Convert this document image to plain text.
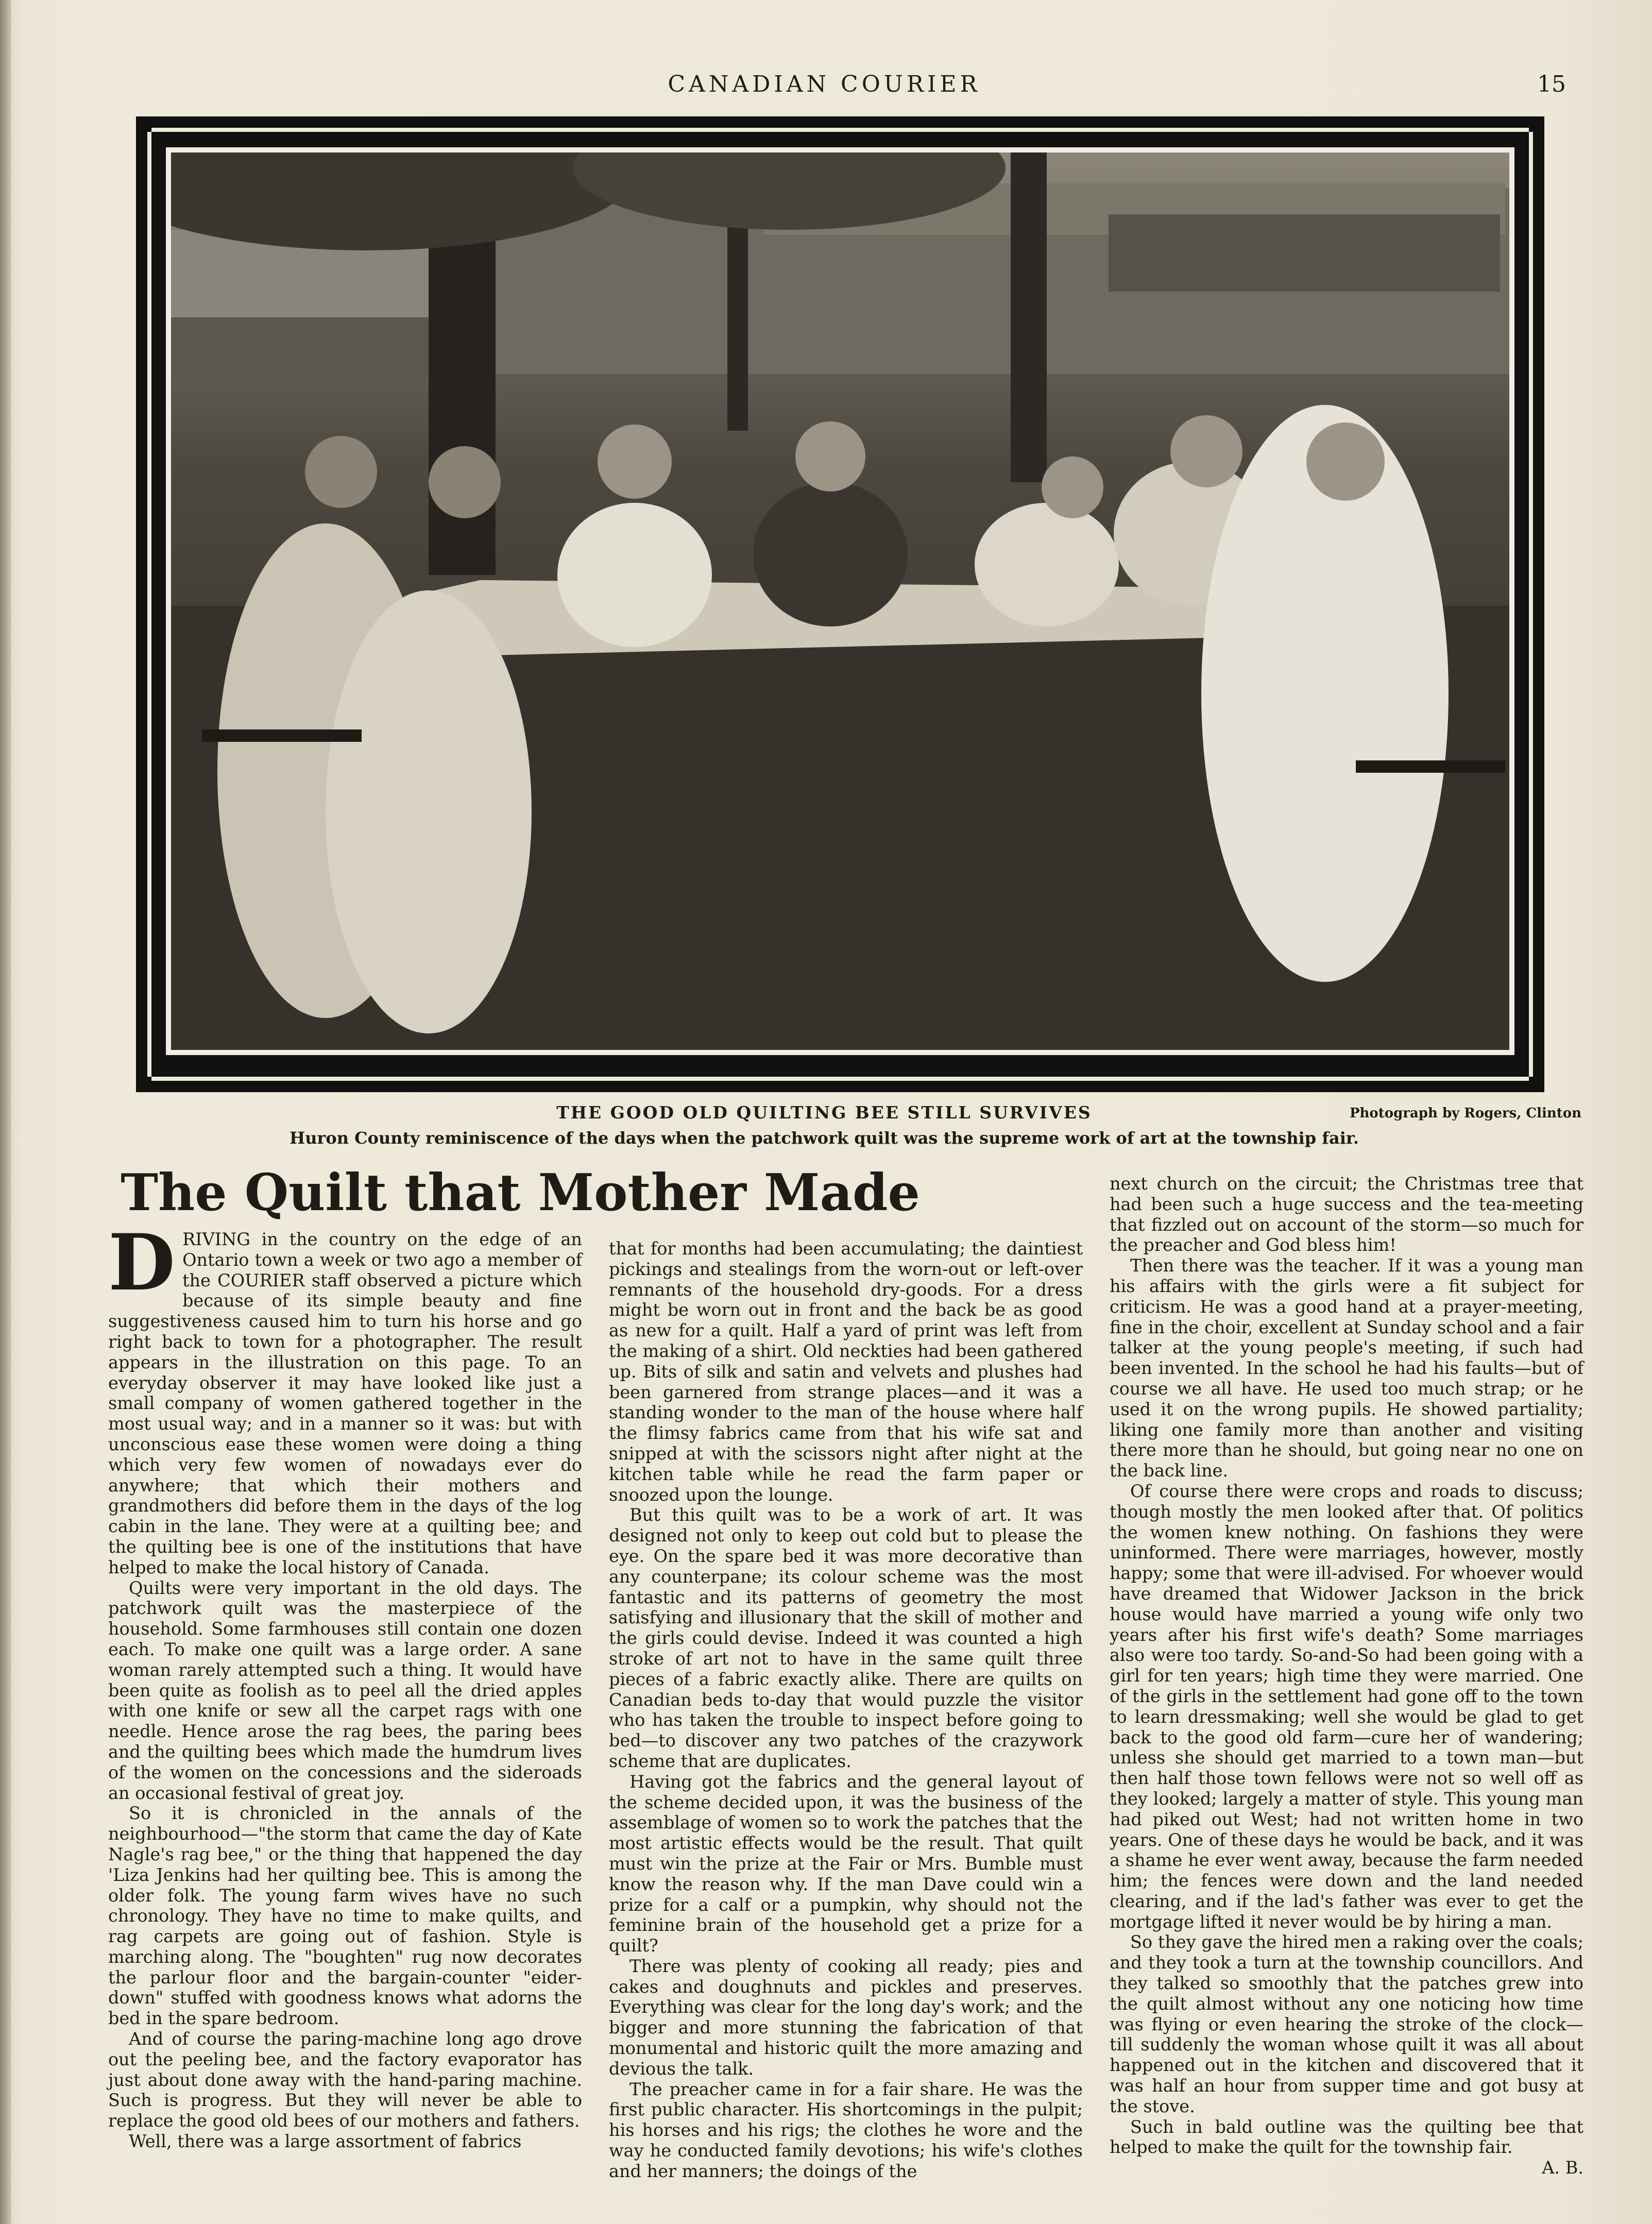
CANADIAN COURIER	15
THE GOOD OLD QUILTING BEE STILL SURVIVES	Photograph by Rogers, Clinton
Huron County reminiscence of the days when the patchwork quilt was the supreme work of art at the township fair.
The Quilt that Mother Made
D RIVING in the country on the edge of an Ontario town a week or two ago a member of the COURIER staff observed a picture which because of its simple beauty and fine suggestiveness caused him to turn his horse and go right back to town for a photographer. The result appears in the illustration on this page. To an everyday observer it may have looked like just a small company of women gathered together in the most usual way; and in a manner so it was: but with unconscious ease these women were doing a thing which very few women of nowadays ever do anywhere; that which their mothers and grandmothers did before them in the days of the log cabin in the lane. They were at a quilting bee; and the quilting bee is one of the institutions that have helped to make the local history of Canada.

Quilts were very important in the old days. The patchwork quilt was the masterpiece of the household. Some farmhouses still contain one dozen each. To make one quilt was a large order. A sane woman rarely attempted such a thing. It would have been quite as foolish as to peel all the dried apples with one knife or sew all the carpet rags with one needle. Hence arose the rag bees, the paring bees and the quilting bees which made the humdrum lives of the women on the concessions and the sideroads an occasional festival of great joy.

So it is chronicled in the annals of the neighbourhood—"the storm that came the day of Kate Nagle's rag bee," or the thing that happened the day 'Liza Jenkins had her quilting bee. This is among the older folk. The young farm wives have no such chronology. They have no time to make quilts, and rag carpets are going out of fashion. Style is marching along. The "boughten" rug now decorates the parlour floor and the bargain-counter "eider-down" stuffed with goodness knows what adorns the bed in the spare bedroom.

And of course the paring-machine long ago drove out the peeling bee, and the factory evaporator has just about done away with the hand-paring machine. Such is progress. But they will never be able to replace the good old bees of our mothers and fathers.

Well, there was a large assortment of fabrics

that for months had been accumulating; the daintiest pickings and stealings from the worn-out or left-over remnants of the household dry-goods. For a dress might be worn out in front and the back be as good as new for a quilt. Half a yard of print was left from the making of a shirt. Old neckties had been gathered up. Bits of silk and satin and velvets and plushes had been garnered from strange places—and it was a standing wonder to the man of the house where half the flimsy fabrics came from that his wife sat and snipped at with the scissors night after night at the kitchen table while he read the farm paper or snoozed upon the lounge.

But this quilt was to be a work of art. It was designed not only to keep out cold but to please the eye. On the spare bed it was more decorative than any counterpane; its colour scheme was the most fantastic and its patterns of geometry the most satisfying and illusionary that the skill of mother and the girls could devise. Indeed it was counted a high stroke of art not to have in the same quilt three pieces of a fabric exactly alike. There are quilts on Canadian beds to-day that would puzzle the visitor who has taken the trouble to inspect before going to bed—to discover any two patches of the crazywork scheme that are duplicates.

Having got the fabrics and the general layout of the scheme decided upon, it was the business of the assemblage of women so to work the patches that the most artistic effects would be the result. That quilt must win the prize at the Fair or Mrs. Bumble must know the reason why. If the man Dave could win a prize for a calf or a pumpkin, why should not the feminine brain of the household get a prize for a quilt?

There was plenty of cooking all ready; pies and cakes and doughnuts and pickles and preserves. Everything was clear for the long day's work; and the bigger and more stunning the fabrication of that monumental and historic quilt the more amazing and devious the talk.

The preacher came in for a fair share. He was the first public character. His shortcomings in the pulpit; his horses and his rigs; the clothes he wore and the way he conducted family devotions; his wife's clothes and her manners; the doings of the

next church on the circuit; the Christmas tree that had been such a huge success and the tea-meeting that fizzled out on account of the storm—so much for the preacher and God bless him!

Then there was the teacher. If it was a young man his affairs with the girls were a fit subject for criticism. He was a good hand at a prayer-meeting, fine in the choir, excellent at Sunday school and a fair talker at the young people's meeting, if such had been invented. In the school he had his faults—but of course we all have. He used too much strap; or he used it on the wrong pupils. He showed partiality; liking one family more than another and visiting there more than he should, but going near no one on the back line.

Of course there were crops and roads to discuss; though mostly the men looked after that. Of politics the women knew nothing. On fashions they were uninformed. There were marriages, however, mostly happy; some that were ill-advised. For whoever would have dreamed that Widower Jackson in the brick house would have married a young wife only two years after his first wife's death? Some marriages also were too tardy. So-and-So had been going with a girl for ten years; high time they were married. One of the girls in the settlement had gone off to the town to learn dressmaking; well she would be glad to get back to the good old farm—cure her of wandering; unless she should get married to a town man—but then half those town fellows were not so well off as they looked; largely a matter of style. This young man had piked out West; had not written home in two years. One of these days he would be back, and it was a shame he ever went away, because the farm needed him; the fences were down and the land needed clearing, and if the lad's father was ever to get the mortgage lifted it never would be by hiring a man.

So they gave the hired men a raking over the coals; and they took a turn at the township councillors. And they talked so smoothly that the patches grew into the quilt almost without any one noticing how time was flying or even hearing the stroke of the clock—till suddenly the woman whose quilt it was all about happened out in the kitchen and discovered that it was half an hour from supper time and got busy at the stove.

Such in bald outline was the quilting bee that helped to make the quilt for the township fair.

A. B.
